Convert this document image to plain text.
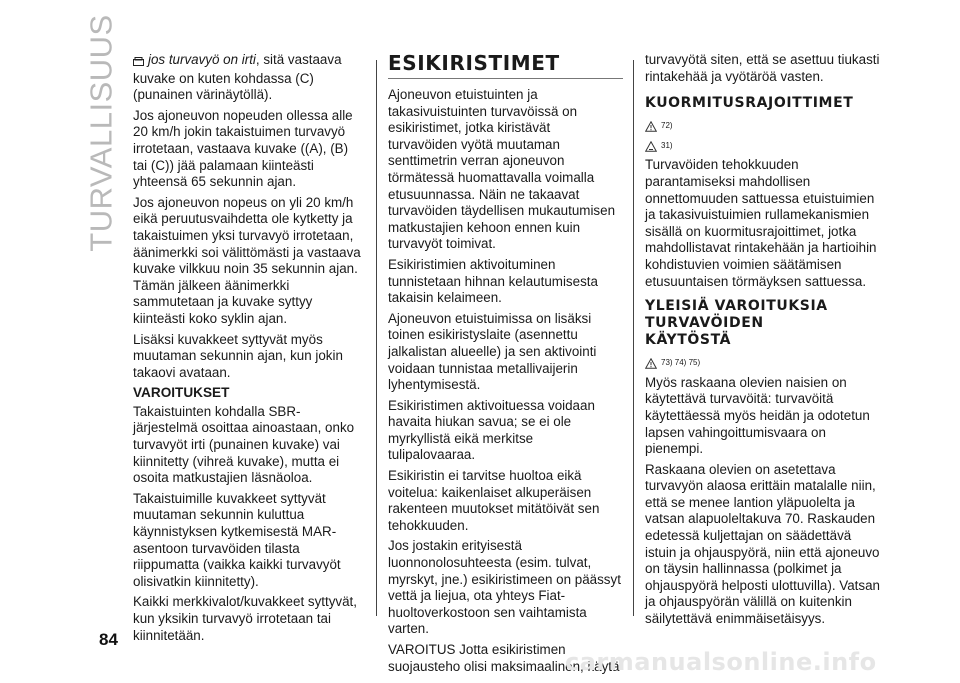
TURVALLISUUS
84

jos turvavyö on irti, sitä vastaava kuvake on kuten kohdassa (C) (punainen värinäytöllä).

Jos ajoneuvon nopeuden ollessa alle 20 km/h jokin takaistuimen turvavyö irrotetaan, vastaava kuvake ((A), (B) tai (C)) jää palamaan kiinteästi yhteensä 65 sekunnin ajan.

Jos ajoneuvon nopeus on yli 20 km/h eikä peruutusvaihdetta ole kytketty ja takaistuimen yksi turvavyö irrotetaan, äänimerkki soi välittömästi ja vastaava kuvake vilkkuu noin 35 sekunnin ajan. Tämän jälkeen äänimerkki sammutetaan ja kuvake syttyy kiinteästi koko syklin ajan.

Lisäksi kuvakkeet syttyvät myös muutaman sekunnin ajan, kun jokin takaovi avataan.

VAROITUKSET

Takaistuinten kohdalla SBR-järjestelmä osoittaa ainoastaan, onko turvavyöt irti (punainen kuvake) vai kiinnitetty (vihreä kuvake), mutta ei osoita matkustajien läsnäoloa.

Takaistuimille kuvakkeet syttyvät muutaman sekunnin kuluttua käynnistyksen kytkemisestä MAR-asentoon turvavöiden tilasta riippumatta (vaikka kaikki turvavyöt olisivatkin kiinnitetty).

Kaikki merkkivalot/kuvakkeet syttyvät, kun yksikin turvavyö irrotetaan tai kiinnitetään.

ESIKIRISTIMET

Ajoneuvon etuistuinten ja takasivuistuinten turvavöissä on esikiristimet, jotka kiristävät turvavöiden vyötä muutaman senttimetrin verran ajoneuvon törmätessä huomattavalla voimalla etusuunnassa. Näin ne takaavat turvavöiden täydellisen mukautumisen matkustajien kehoon ennen kuin turvavyöt toimivat.

Esikiristimien aktivoituminen tunnistetaan hihnan kelautumisesta takaisin kelaimeen.

Ajoneuvon etuistuimissa on lisäksi toinen esikiristyslaite (asennettu jalkalistan alueelle) ja sen aktivointi voidaan tunnistaa metallivaijerin lyhentymisestä.

Esikiristimen aktivoituessa voidaan havaita hiukan savua; se ei ole myrkyllistä eikä merkitse tulipalovaaraa.

Esikiristin ei tarvitse huoltoa eikä voitelua: kaikenlaiset alkuperäisen rakenteen muutokset mitätöivät sen tehokkuuden.

Jos jostakin erityisestä luonnonolosuhteesta (esim. tulvat, myrskyt, jne.) esikiristimeen on päässyt vettä ja liejua, ota yhteys Fiat-huoltoverkostoon sen vaihtamista varten.

VAROITUS Jotta esikiristimen suojausteho olisi maksimaalinen, käytä

turvavyötä siten, että se asettuu tiukasti rintakehää ja vyötäröä vasten.

KUORMITUSRAJOITTIMET

72)
31)

Turvavöiden tehokkuuden parantamiseksi mahdollisen onnettomuuden sattuessa etuistuimien ja takasivuistuimien rullamekanismien sisällä on kuormitusrajoittimet, jotka mahdollistavat rintakehään ja hartioihin kohdistuvien voimien säätämisen etusuuntaisen törmäyksen sattuessa.

YLEISIÄ VAROITUKSIA

TURVAVÖIDEN

KÄYTÖSTÄ

73) 74) 75)

Myös raskaana olevien naisien on käytettävä turvavöitä: turvavöitä käytettäessä myös heidän ja odotetun lapsen vahingoittumisvaara on pienempi.

Raskaana olevien on asetettava turvavyön alaosa erittäin matalalle niin, että se menee lantion yläpuolelta ja vatsan alapuoleltakuva 70. Raskauden edetessä kuljettajan on säädettävä istuin ja ohjauspyörä, niin että ajoneuvo on täysin hallinnassa (polkimet ja ohjauspyörä helposti ulottuvilla). Vatsan ja ohjauspyörän välillä on kuitenkin säilytettävä enimmäisetäisyys.

carmanualsonline.info
